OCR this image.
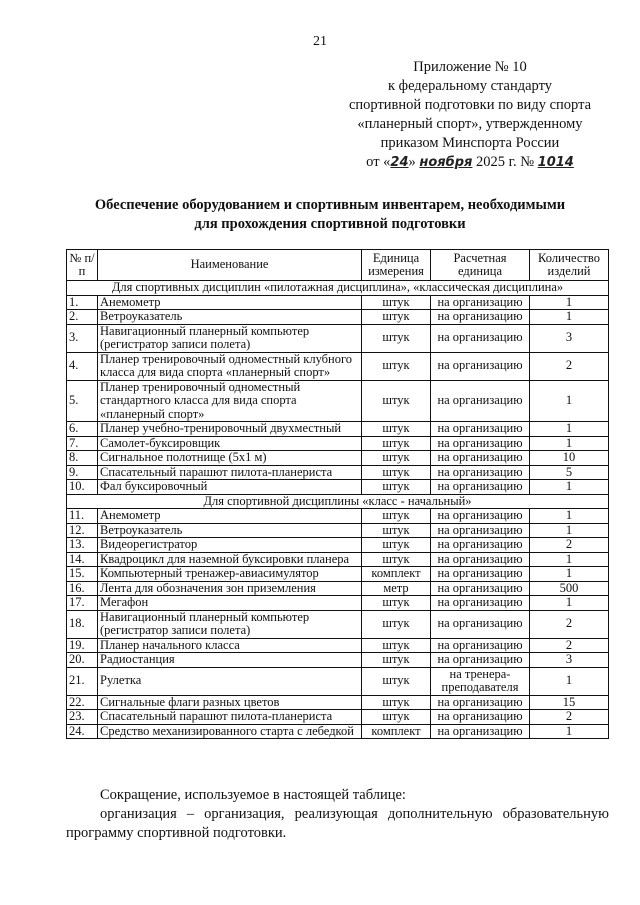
21
Приложение № 10
к федеральному стандарту
спортивной подготовки по виду спорта
«планерный спорт», утвержденному
приказом Минспорта России
от «24» ноября 2025 г. № 1014
Обеспечение оборудованием и спортивным инвентарем, необходимыми
для прохождения спортивной подготовки
№ п/п	Наименование	Единица измерения	Расчетная единица	Количество изделий
Для спортивных дисциплин «пилотажная дисциплина», «классическая дисциплина»				
1.	Анемометр	штук	на организацию	1
2.	Ветроуказатель	штук	на организацию	1
3.	Навигационный планерный компьютер (регистратор записи полета)	штук	на организацию	3
4.	Планер тренировочный одноместный клубного класса для вида спорта «планерный спорт»	штук	на организацию	2
5.	Планер тренировочный одноместный стандартного класса для вида спорта «планерный спорт»	штук	на организацию	1
6.	Планер учебно-тренировочный двухместный	штук	на организацию	1
7.	Самолет-буксировщик	штук	на организацию	1
8.	Сигнальное полотнище (5х1 м)	штук	на организацию	10
9.	Спасательный парашют пилота-планериста	штук	на организацию	5
10.	Фал буксировочный	штук	на организацию	1
Для спортивной дисциплины «класс - начальный»				
11.	Анемометр	штук	на организацию	1
12.	Ветроуказатель	штук	на организацию	1
13.	Видеорегистратор	штук	на организацию	2
14.	Квадроцикл для наземной буксировки планера	штук	на организацию	1
15.	Компьютерный тренажер-авиасимулятор	комплект	на организацию	1
16.	Лента для обозначения зон приземления	метр	на организацию	500
17.	Мегафон	штук	на организацию	1
18.	Навигационный планерный компьютер (регистратор записи полета)	штук	на организацию	2
19.	Планер начального класса	штук	на организацию	2
20.	Радиостанция	штук	на организацию	3
21.	Рулетка	штук	на тренера-преподавателя	1
22.	Сигнальные флаги разных цветов	штук	на организацию	15
23.	Спасательный парашют пилота-планериста	штук	на организацию	2
24.	Средство механизированного старта с лебедкой	комплект	на организацию	1

Сокращение, используемое в настоящей таблице:

организация – организация, реализующая дополнительную образовательную программу спортивной подготовки.
